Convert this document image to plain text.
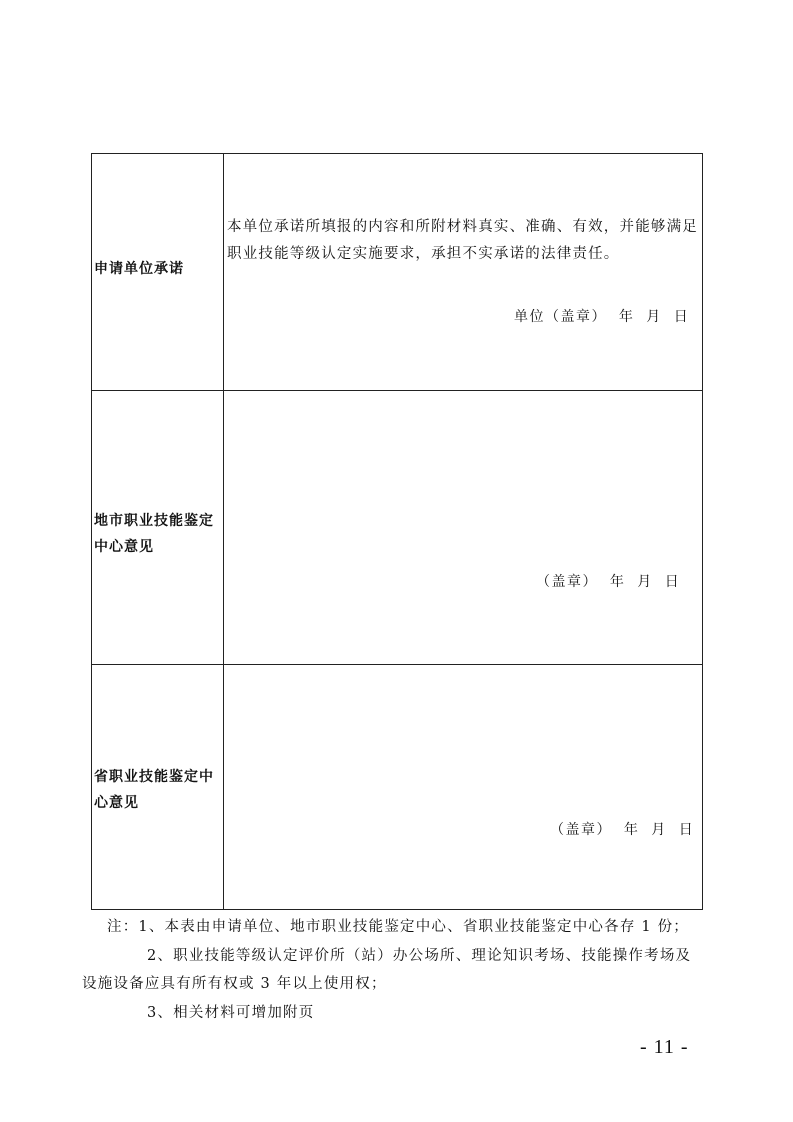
申请单位承诺	本单位承诺所填报的内容和所附材料真实、准确、有效，并能够满足职业技能等级认定实施要求，承担不实承诺的法律责任。
单位（盖章）  年  月  日

地市职业技能鉴定中心意见	（盖章）  年  月  日

省职业技能鉴定中心意见	（盖章）  年  月  日
注：1、本表由申请单位、地市职业技能鉴定中心、省职业技能鉴定中心各存 1 份；
2、职业技能等级认定评价所（站）办公场所、理论知识考场、技能操作考场及
设施设备应具有所有权或 3 年以上使用权；
3、相关材料可增加附页
- 11 -
